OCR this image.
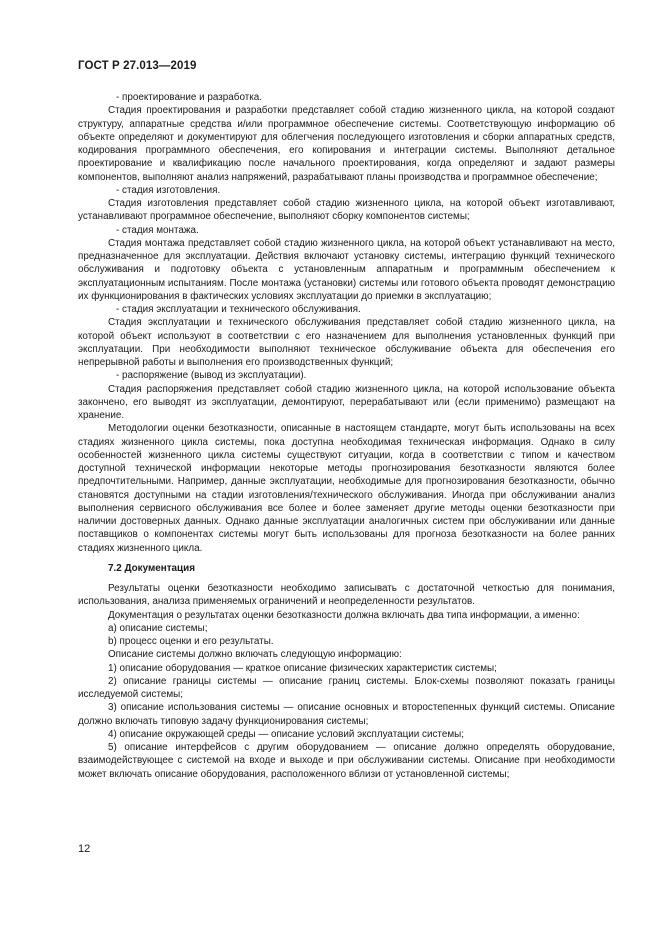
ГОСТ Р 27.013—2019

- проектирование и разработка.

Стадия проектирования и разработки представляет собой стадию жизненного цикла, на которой создают структуру, аппаратные средства и/или программное обеспечение системы. Соответствующую информацию об объекте определяют и документируют для облегчения последующего изготовления и сборки аппаратных средств, кодирования программного обеспечения, его копирования и интеграции системы. Выполняют детальное проектирование и квалификацию после начального проектирования, когда определяют и задают размеры компонентов, выполняют анализ напряжений, разрабатывают планы производства и программное обеспечение;

- стадия изготовления.

Стадия изготовления представляет собой стадию жизненного цикла, на которой объект изготавливают, устанавливают программное обеспечение, выполняют сборку компонентов системы;

- стадия монтажа.

Стадия монтажа представляет собой стадию жизненного цикла, на которой объект устанавливают на место, предназначенное для эксплуатации. Действия включают установку системы, интеграцию функций технического обслуживания и подготовку объекта с установленным аппаратным и программным обеспечением к эксплуатационным испытаниям. После монтажа (установки) системы или готового объекта проводят демонстрацию их функционирования в фактических условиях эксплуатации до приемки в эксплуатацию;

- стадия эксплуатации и технического обслуживания.

Стадия эксплуатации и технического обслуживания представляет собой стадию жизненного цикла, на которой объект используют в соответствии с его назначением для выполнения установленных функций при эксплуатации. При необходимости выполняют техническое обслуживание объекта для обеспечения его непрерывной работы и выполнения его производственных функций;

- распоряжение (вывод из эксплуатации).

Стадия распоряжения представляет собой стадию жизненного цикла, на которой использование объекта закончено, его выводят из эксплуатации, демонтируют, перерабатывают или (если применимо) размещают на хранение.

Методологии оценки безотказности, описанные в настоящем стандарте, могут быть использованы на всех стадиях жизненного цикла системы, пока доступна необходимая техническая информация. Однако в силу особенностей жизненного цикла системы существуют ситуации, когда в соответствии с типом и качеством доступной технической информации некоторые методы прогнозирования безотказности являются более предпочтительными. Например, данные эксплуатации, необходимые для прогнозирования безотказности, обычно становятся доступными на стадии изготовления/технического обслуживания. Иногда при обслуживании анализ выполнения сервисного обслуживания все более и более заменяет другие методы оценки безотказности при наличии достоверных данных. Однако данные эксплуатации аналогичных систем при обслуживании или данные поставщиков о компонентах системы могут быть использованы для прогноза безотказности на более ранних стадиях жизненного цикла.

7.2 Документация

Результаты оценки безотказности необходимо записывать с достаточной четкостью для понимания, использования, анализа применяемых ограничений и неопределенности результатов.

Документация о результатах оценки безотказности должна включать два типа информации, а именно:

a) описание системы;

b) процесс оценки и его результаты.

Описание системы должно включать следующую информацию:

1) описание оборудования — краткое описание физических характеристик системы;

2) описание границы системы — описание границ системы. Блок-схемы позволяют показать границы исследуемой системы;

3) описание использования системы — описание основных и второстепенных функций системы. Описание должно включать типовую задачу функционирования системы;

4) описание окружающей среды — описание условий эксплуатации системы;

5) описание интерфейсов с другим оборудованием — описание должно определять оборудование, взаимодействующее с системой на входе и выходе и при обслуживании системы. Описание при необходимости может включать описание оборудования, расположенного вблизи от установленной системы;

12
